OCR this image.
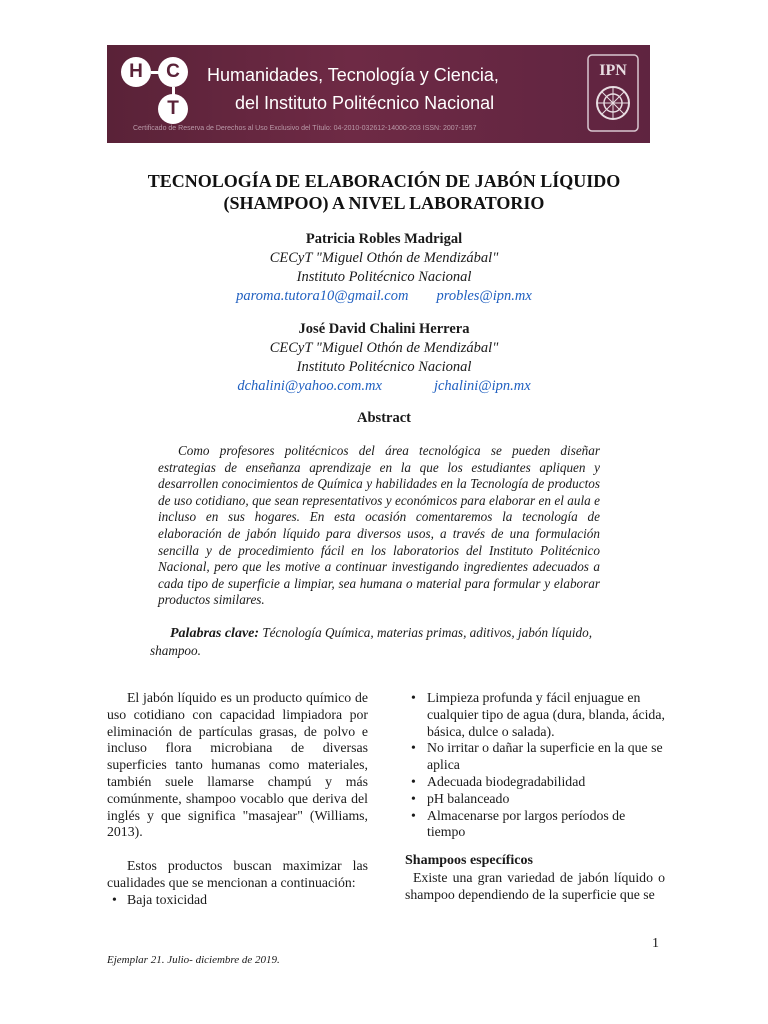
H	C
T
Humanidades, Tecnología y Ciencia,
del Instituto Politécnico Nacional
Certificado de Reserva de Derechos al Uso Exclusivo del Título: 04-2010-032612-14000-203 ISSN: 2007-1957
IPN
TECNOLOGÍA DE ELABORACIÓN DE JABÓN LÍQUIDO
(SHAMPOO) A NIVEL LABORATORIO
Patricia Robles Madrigal
CECyT "Miguel Othón de Mendizábal"
Instituto Politécnico Nacional
paroma.tutora10@gmail.com probles@ipn.mx
José David Chalini Herrera
CECyT "Miguel Othón de Mendizábal"
Instituto Politécnico Nacional
dchalini@yahoo.com.mx	jchalini@ipn.mx
Abstract
Como profesores politécnicos del área tecnológica se pueden diseñar estrategias de enseñanza aprendizaje en la que los estudiantes apliquen y desarrollen conocimientos de Química y habilidades en la Tecnología de productos de uso cotidiano, que sean representativos y económicos para elaborar en el aula e incluso en sus hogares. En esta ocasión comentaremos la tecnología de elaboración de jabón líquido para diversos usos, a través de una formulación sencilla y de procedimiento fácil en los laboratorios del Instituto Politécnico Nacional, pero que les motive a continuar investigando ingredientes adecuados a cada tipo de superficie a limpiar, sea humana o material para formular y elaborar productos similares.
Palabras clave: Técnología Química, materias primas, aditivos, jabón líquido, shampoo.

El jabón líquido es un producto químico de uso cotidiano con capacidad limpiadora por eliminación de partículas grasas, de polvo e incluso flora microbiana de diversas superficies tanto humanas como materiales, también suele llamarse champú y más comúnmente, shampoo vocablo que deriva del inglés y que significa "masajear" (Williams, 2013).

Estos productos buscan maximizar las cualidades que se mencionan a continuación:

• Baja toxicidad
• Limpieza profunda y fácil enjuague en cualquier tipo de agua (dura, blanda, ácida, básica, dulce o salada).
• No irritar o dañar la superficie en la que se aplica
• Adecuada biodegradabilidad
• pH balanceado
• Almacenarse por largos períodos de tiempo
Shampoos específicos

Existe una gran variedad de jabón líquido o shampoo dependiendo de la superficie que se

1
Ejemplar 21. Julio- diciembre de 2019.
